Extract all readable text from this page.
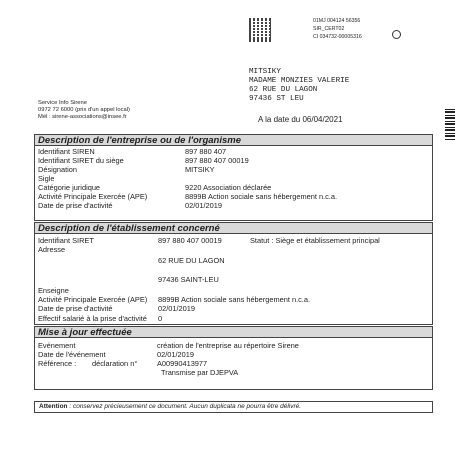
01MJ 004124 56356
SIR_CERT02
CI 034732-00005316
MITSIKY
MADAME MONZIES VALERIE
62 RUE DU LAGON
97436 ST LEU
Service Info Sirene
0972 72 6000 (prix d'un appel local)
Mél : sirene-associations@insee.fr	A la date du 06/04/2021
Description de l'entreprise ou de l'organisme
Identifiant SIREN	897 880 407
Identifiant SIRET du siège	897 880 407 00019
Désignation	MITSIKY
Sigle
Catégorie juridique	9220 Association déclarée
Activité Principale Exercée (APE)	8899B Action sociale sans hébergement n.c.a.
Date de prise d'activité	02/01/2019
Description de l'établissement concerné
Identifiant SIRET	897 880 407 00019	Statut : Siège et établissement principal
Adresse
62 RUE DU LAGON
97436 SAINT-LEU
Enseigne
Activité Principale Exercée (APE) 8899B Action sociale sans hébergement n.c.a.
Date de prise d'activité	02/01/2019
Effectif salarié à la prise d'activité 0
Mise à jour effectuée
Evénement	création de l'entreprise au répertoire Sirene
Date de l'événement	02/01/2019
Référence : déclaration n°	A00990413977
Transmise par DJEPVA
Attention : conservez précieusement ce document. Aucun duplicata ne pourra être délivré.
